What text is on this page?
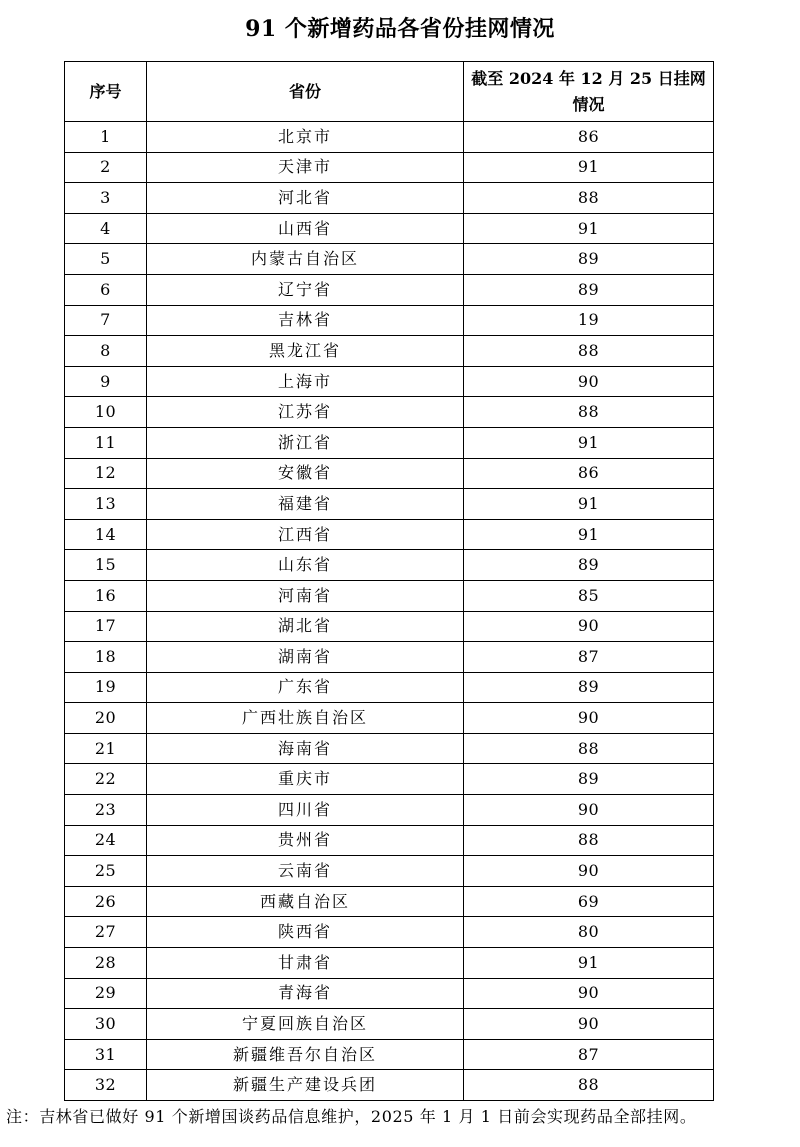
91 个新增药品各省份挂网情况
序号	省份	截至 2024 年 12 月 25 日挂网情况
1	北京市	86
2	天津市	91
3	河北省	88
4	山西省	91
5	内蒙古自治区	89
6	辽宁省	89
7	吉林省	19
8	黑龙江省	88
9	上海市	90
10	江苏省	88
11	浙江省	91
12	安徽省	86
13	福建省	91
14	江西省	91
15	山东省	89
16	河南省	85
17	湖北省	90
18	湖南省	87
19	广东省	89
20	广西壮族自治区	90
21	海南省	88
22	重庆市	89
23	四川省	90
24	贵州省	88
25	云南省	90
26	西藏自治区	69
27	陕西省	80
28	甘肃省	91
29	青海省	90
30	宁夏回族自治区	90
31	新疆维吾尔自治区	87
32	新疆生产建设兵团	88
注：吉林省已做好 91 个新增国谈药品信息维护，2025 年 1 月 1 日前会实现药品全部挂网。
